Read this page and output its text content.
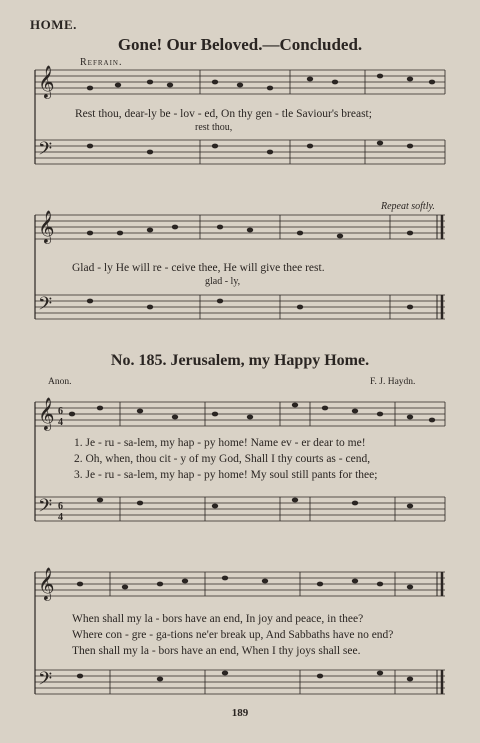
HOME.
Gone! Our Beloved.—Concluded.
Refrain.
𝄞
𝄢
Rest thou, dear-ly be - lov - ed, On thy gen - tle Saviour's breast;
rest thou,
Repeat softly.
𝄞
𝄢
Glad - ly He will re - ceive thee, He will give thee rest.
glad - ly,
No. 185. Jerusalem, my Happy Home.
Anon.	F. J. Haydn.
𝄞
𝄢
6
4
6
4
1. Je - ru - sa-lem, my hap - py home! Name ev - er dear to me!
2. Oh, when, thou cit - y of my God, Shall I thy courts as - cend,
3. Je - ru - sa-lem, my hap - py home! My soul still pants for thee;
𝄞
𝄢
When shall my la - bors have an end, In joy and peace, in thee?
Where con - gre - ga-tions ne'er break up, And Sabbaths have no end?
Then shall my la - bors have an end, When I thy joys shall see.
189
